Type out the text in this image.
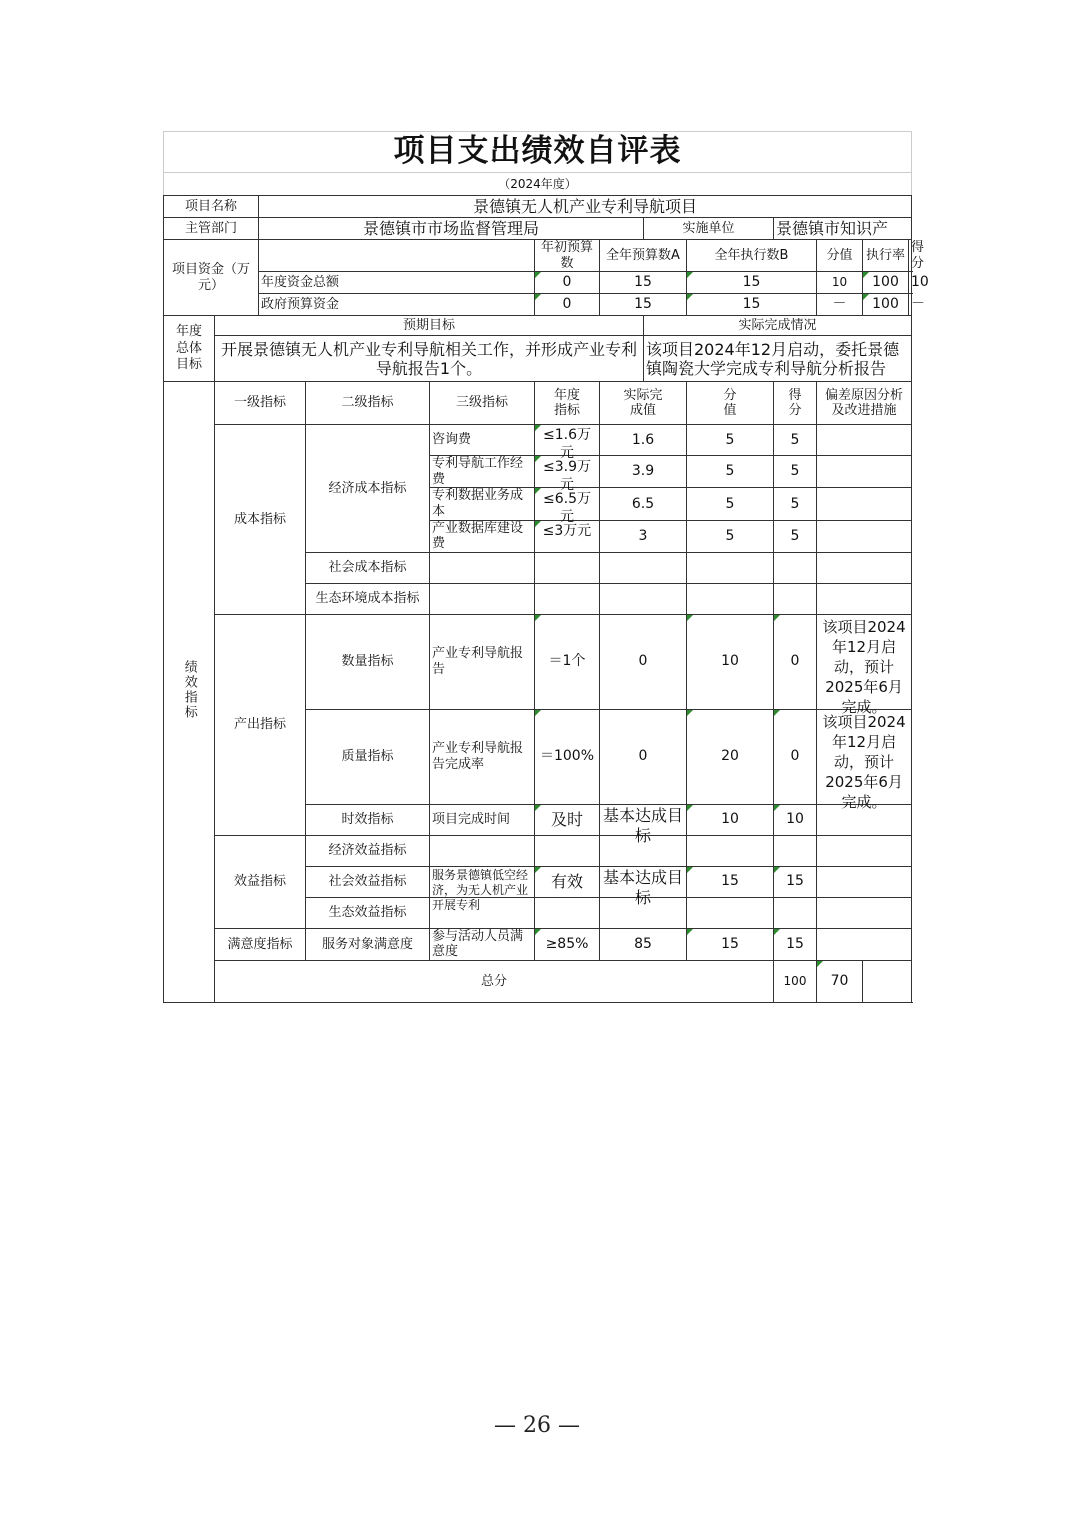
项目支出绩效自评表												
（2024年度）												
项目名称		景德镇无人机产业专利导航项目										
主管部门		景德镇市市场监督管理局					实施单位		景德镇市知识产			

项目资金（万元）					年初预算数	全年预算数A		全年执行数B		分值	执行率	得分
		年度资金总额			0	15		15		10	100	10
		政府预算资金			0	15		15		－	100	－

年度总体目标	预期目标						实际完成情况					
	开展景德镇无人机产业专利导航相关工作，并形成产业专利导航报告1个。						该项目2024年12月启动，委托景德镇陶瓷大学完成专利导航分析报告					
绩效指标	一级指标		二级指标	三级指标	年度指标	实际完成值		分值	得分	偏差原因分析及改进措施		
	成本指标		经济成本指标	咨询费	≤1.6万元	1.6		5	5			
				专利导航工作经费	≤3.9万元	3.9		5	5			
				专利数据业务成本	≤6.5万元	6.5		5	5			
				产业数据库建设费	≤3万元	3		5	5			
			社会成本指标									
			生态环境成本指标									
	产出指标		数量指标	产业专利导航报告	＝1个	0		10	0	该项目2024年12月启动，预计2025年6月完成。		

			质量指标	产业专利导航报告完成率	＝100%	0		20	0	该项目2024年12月启动，预计2025年6月完成。		

			时效指标	项目完成时间	及时	基本达成目标		10	10			
	效益指标		经济效益指标									
			社会效益指标	服务景德镇低空经济，为无人机产业开展专利	有效	基本达成目标		15	15			
			生态效益指标									
	满意度指标		服务对象满意度	参与活动人员满意度	≥85%	85		15	15			
	总分								100	70		
— 26 —
